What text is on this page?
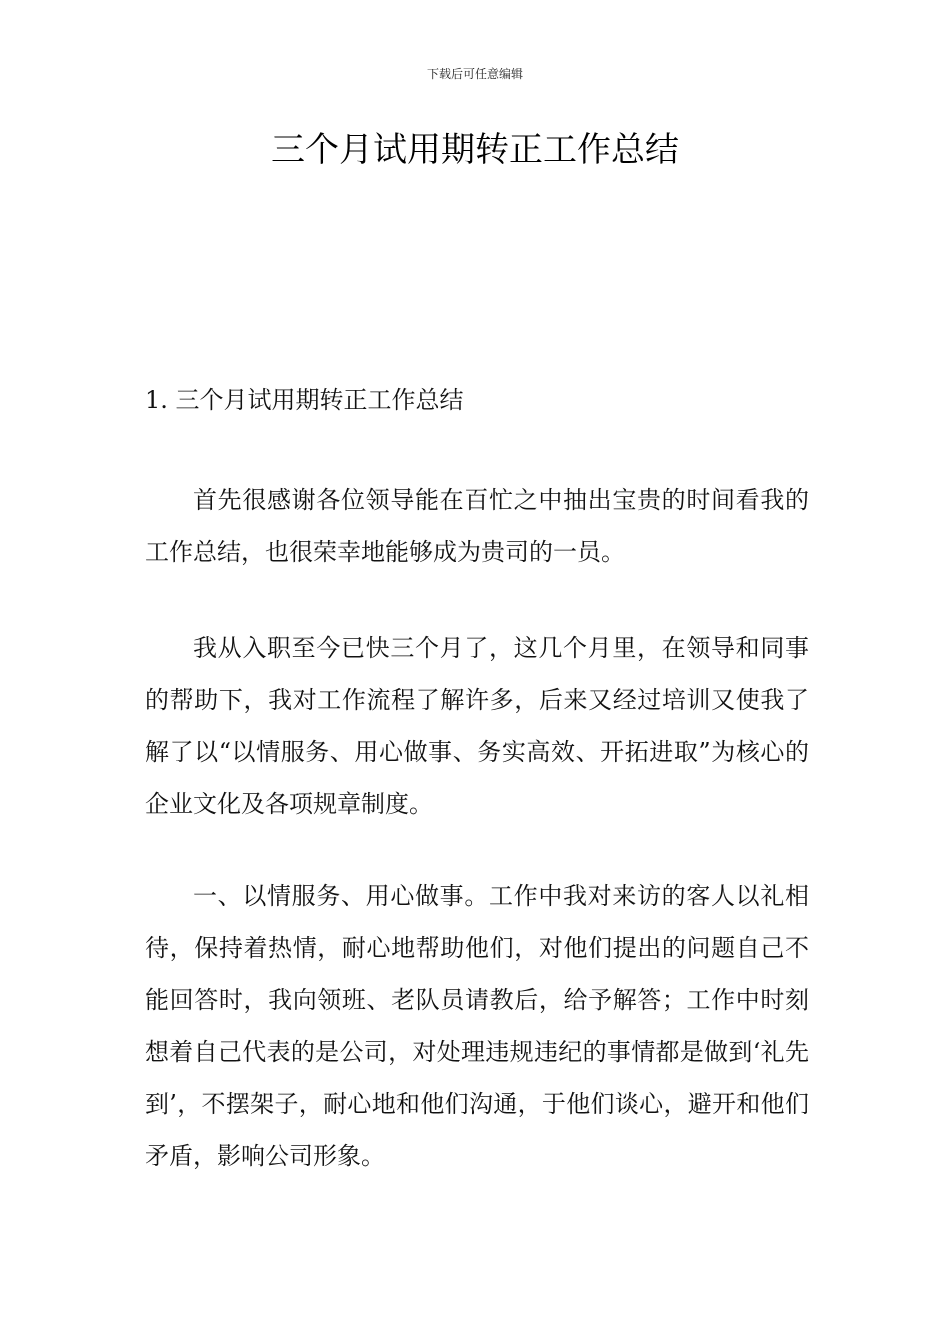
下载后可任意编辑
三个月试用期转正工作总结
1. 三个月试用期转正工作总结

首先很感谢各位领导能在百忙之中抽出宝贵的时间看我的工作总结，也很荣幸地能够成为贵司的一员。

我从入职至今已快三个月了，这几个月里，在领导和同事的帮助下，我对工作流程了解许多，后来又经过培训又使我了解了以“以情服务、用心做事、务实高效、开拓进取”为核心的企业文化及各项规章制度。

一、以情服务、用心做事。工作中我对来访的客人以礼相待，保持着热情，耐心地帮助他们，对他们提出的问题自己不能回答时，我向领班、老队员请教后，给予解答；工作中时刻想着自己代表的是公司，对处理违规违纪的事情都是做到‘礼先到’，不摆架子，耐心地和他们沟通，于他们谈心，避开和他们矛盾，影响公司形象。
